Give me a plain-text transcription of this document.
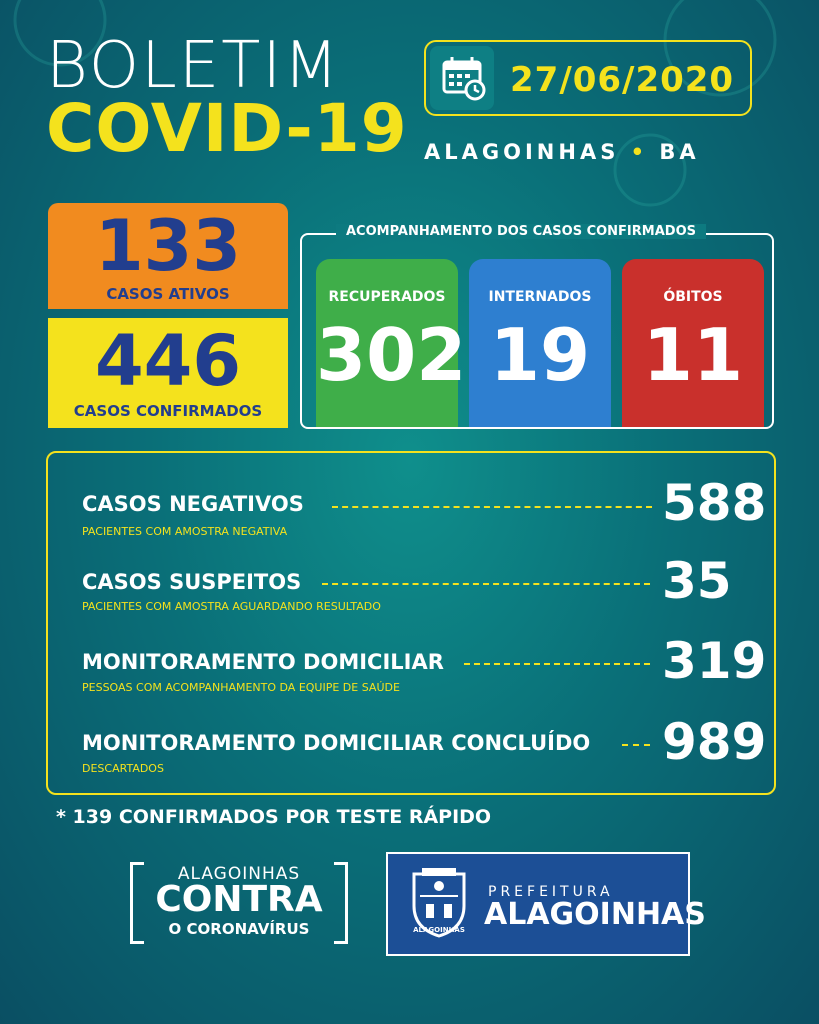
BOLETIM
COVID-19
27/06/2020
ALAGOINHAS • BA
133
CASOS ATIVOS
446
CASOS CONFIRMADOS
ACOMPANHAMENTO DOS CASOS CONFIRMADOS
RECUPERADOS
302
INTERNADOS
19
ÓBITOS
11
CASOS NEGATIVOS
PACIENTES COM AMOSTRA NEGATIVA	588
CASOS SUSPEITOS
PACIENTES COM AMOSTRA AGUARDANDO RESULTADO	35
MONITORAMENTO DOMICILIAR
PESSOAS COM ACOMPANHAMENTO DA EQUIPE DE SAÚDE	319
MONITORAMENTO DOMICILIAR CONCLUÍDO
DESCARTADOS	989
* 139 CONFIRMADOS POR TESTE RÁPIDO
ALAGOINHAS
CONTRA
O CORONAVÍRUS	ALAGOINHAS
PREFEITURA
ALAGOINHAS
